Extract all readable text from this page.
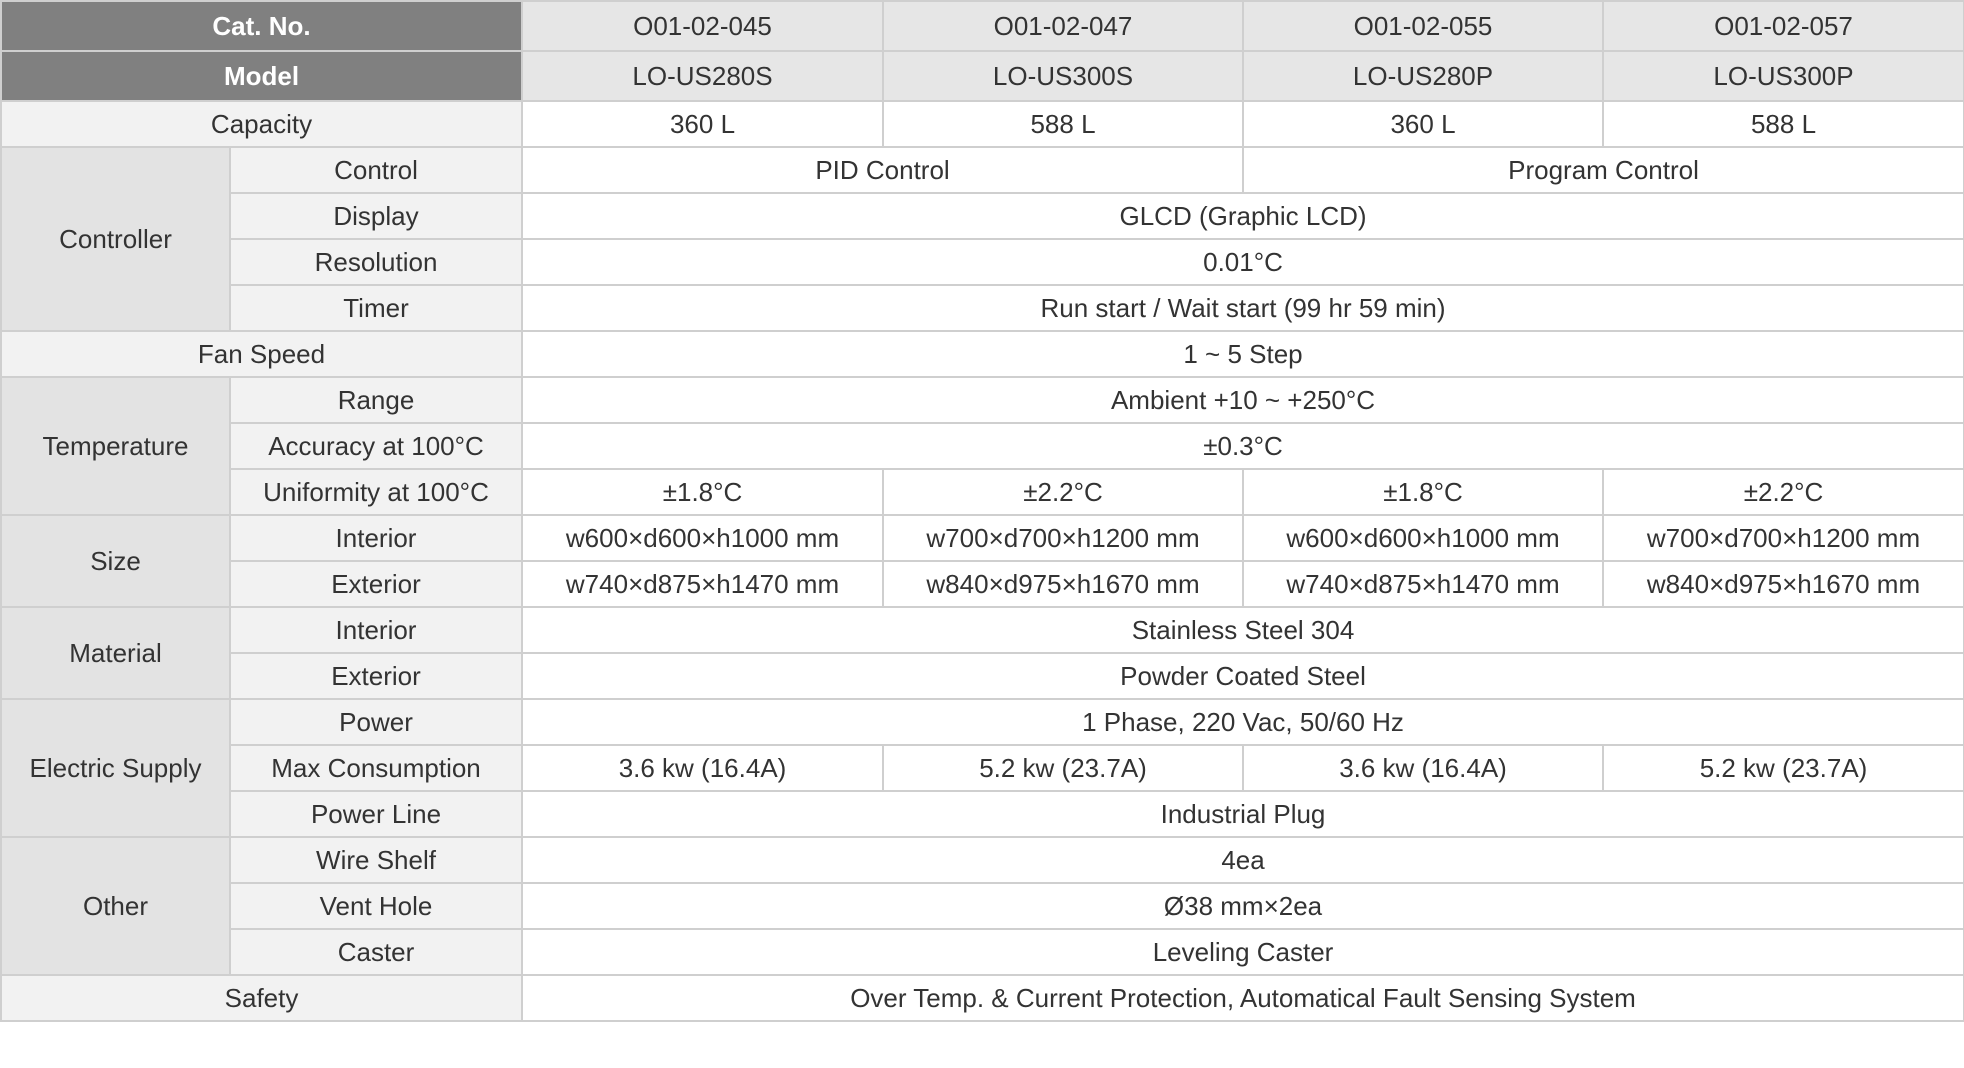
Cat. No.		O01-02-045	O01-02-047	O01-02-055	O01-02-057
Model		LO-US280S	LO-US300S	LO-US280P	LO-US300P
Capacity		360 L	588 L	360 L	588 L
Controller	Control	PID Control		Program Control	
	Display	GLCD (Graphic LCD)			
	Resolution	0.01°C			
	Timer	Run start / Wait start (99 hr 59 min)			
Fan Speed		1 ~ 5 Step			
Temperature	Range	Ambient +10 ~ +250°C			
	Accuracy at 100°C	±0.3°C			
	Uniformity at 100°C	±1.8°C	±2.2°C	±1.8°C	±2.2°C
Size	Interior	w600×d600×h1000 mm	w700×d700×h1200 mm	w600×d600×h1000 mm	w700×d700×h1200 mm
	Exterior	w740×d875×h1470 mm	w840×d975×h1670 mm	w740×d875×h1470 mm	w840×d975×h1670 mm
Material	Interior	Stainless Steel 304			
	Exterior	Powder Coated Steel			
Electric Supply	Power	1 Phase, 220 Vac, 50/60 Hz			
	Max Consumption	3.6 kw (16.4A)	5.2 kw (23.7A)	3.6 kw (16.4A)	5.2 kw (23.7A)
	Power Line	Industrial Plug			
Other	Wire Shelf	4ea			
	Vent Hole	Ø38 mm×2ea			
	Caster	Leveling Caster			
Safety		Over Temp. & Current Protection, Automatical Fault Sensing System			
